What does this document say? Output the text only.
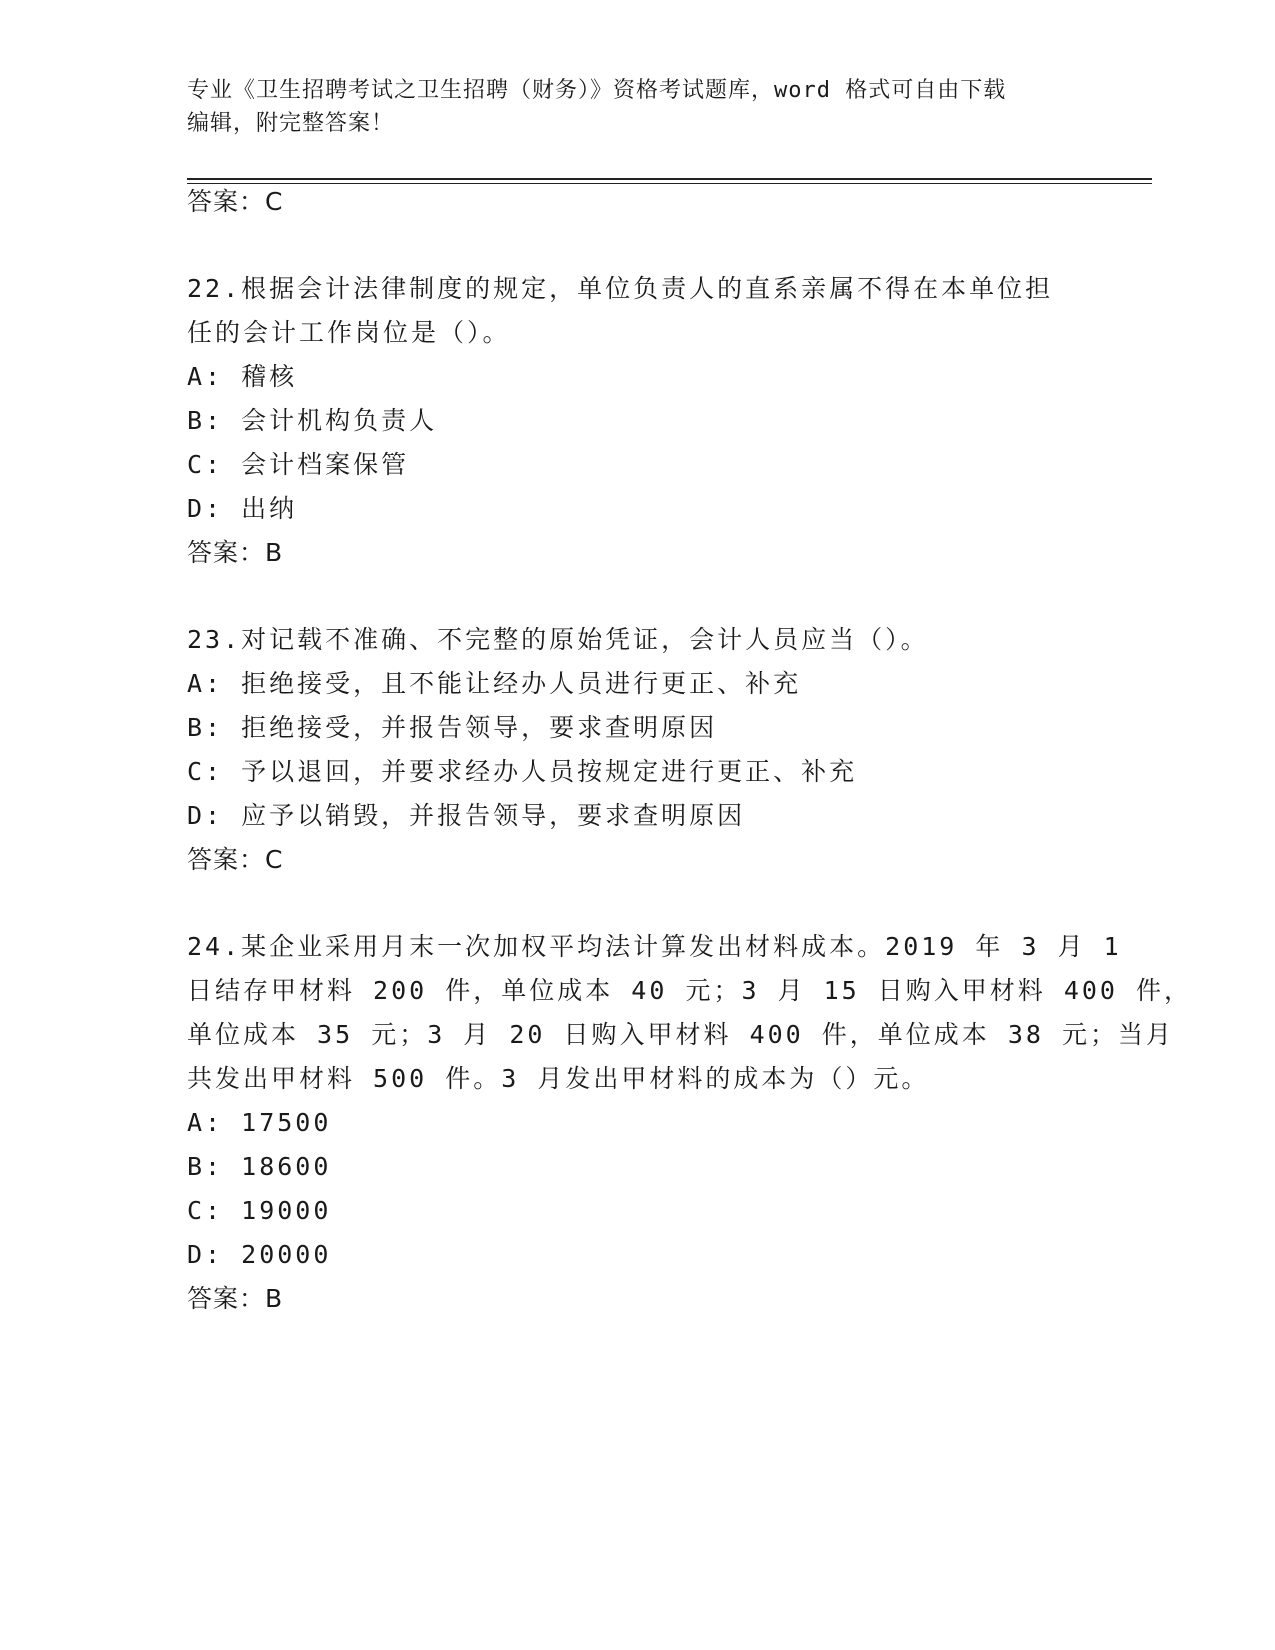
专业《卫生招聘考试之卫生招聘（财务）》资格考试题库，word 格式可自由下载
编辑，附完整答案！
答案：C
22.根据会计法律制度的规定，单位负责人的直系亲属不得在本单位担
任的会计工作岗位是（）。
A: 稽核
B: 会计机构负责人
C: 会计档案保管
D: 出纳
答案：B
23.对记载不准确、不完整的原始凭证，会计人员应当（）。
A: 拒绝接受，且不能让经办人员进行更正、补充
B: 拒绝接受，并报告领导，要求查明原因
C: 予以退回，并要求经办人员按规定进行更正、补充
D: 应予以销毁，并报告领导，要求查明原因
答案：C
24.某企业采用月末一次加权平均法计算发出材料成本。2019 年 3 月 1
日结存甲材料 200 件，单位成本 40 元；3 月 15 日购入甲材料 400 件，
单位成本 35 元；3 月 20 日购入甲材料 400 件，单位成本 38 元；当月
共发出甲材料 500 件。3 月发出甲材料的成本为（）元。
A: 17500
B: 18600
C: 19000
D: 20000
答案：B
